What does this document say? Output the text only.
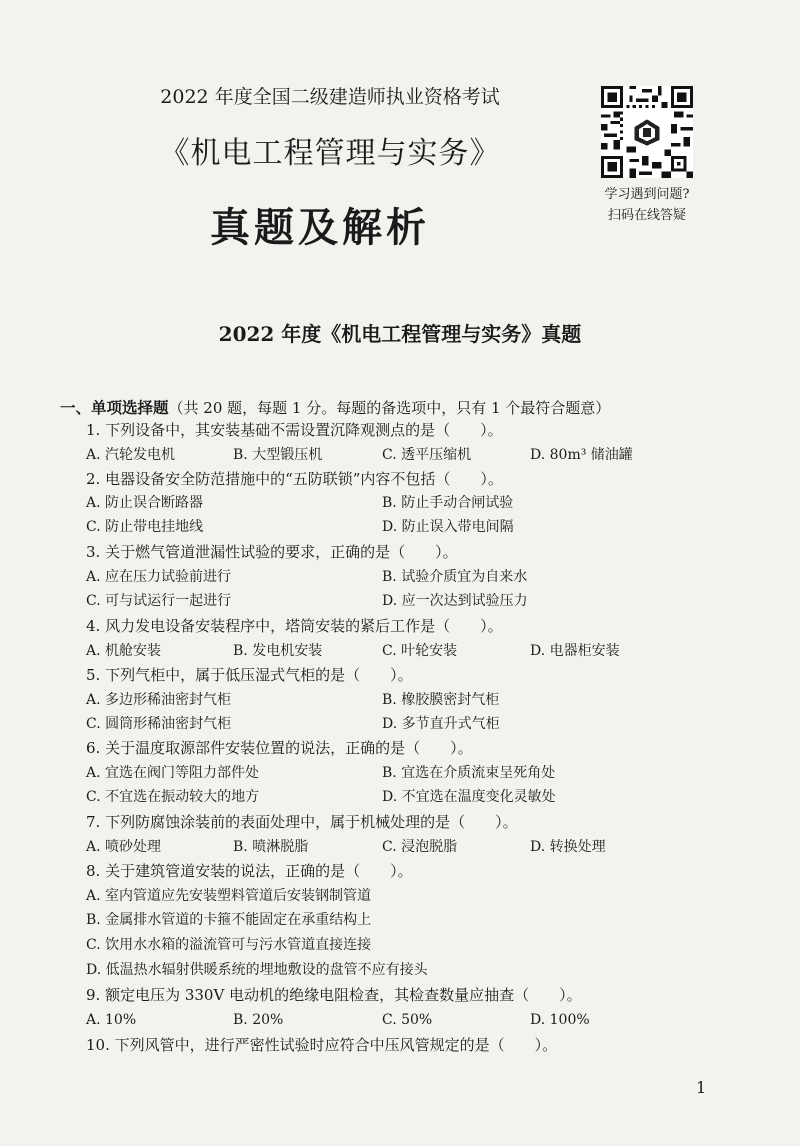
2022 年度全国二级建造师执业资格考试
《机电工程管理与实务》
真题及解析
学习遇到问题?
扫码在线答疑
2022 年度《机电工程管理与实务》真题
一、单项选择题（共 20 题，每题 1 分。每题的备选项中，只有 1 个最符合题意）
1. 下列设备中，其安装基础不需设置沉降观测点的是（　　）。
A. 汽轮发电机	B. 大型锻压机	C. 透平压缩机	D. 80m³ 储油罐
2. 电器设备安全防范措施中的“五防联锁”内容不包括（　　）。
A. 防止误合断路器	B. 防止手动合闸试验
C. 防止带电挂地线	D. 防止误入带电间隔
3. 关于燃气管道泄漏性试验的要求，正确的是（　　）。
A. 应在压力试验前进行	B. 试验介质宜为自来水
C. 可与试运行一起进行	D. 应一次达到试验压力
4. 风力发电设备安装程序中，塔筒安装的紧后工作是（　　）。
A. 机舱安装	B. 发电机安装	C. 叶轮安装	D. 电器柜安装
5. 下列气柜中，属于低压湿式气柜的是（　　）。
A. 多边形稀油密封气柜	B. 橡胶膜密封气柜
C. 圆筒形稀油密封气柜	D. 多节直升式气柜
6. 关于温度取源部件安装位置的说法，正确的是（　　）。
A. 宜选在阀门等阻力部件处	B. 宜选在介质流束呈死角处
C. 不宜选在振动较大的地方	D. 不宜选在温度变化灵敏处
7. 下列防腐蚀涂装前的表面处理中，属于机械处理的是（　　）。
A. 喷砂处理	B. 喷淋脱脂	C. 浸泡脱脂	D. 转换处理
8. 关于建筑管道安装的说法，正确的是（　　）。
A. 室内管道应先安装塑料管道后安装钢制管道
B. 金属排水管道的卡箍不能固定在承重结构上
C. 饮用水水箱的溢流管可与污水管道直接连接
D. 低温热水辐射供暖系统的埋地敷设的盘管不应有接头
9. 额定电压为 330V 电动机的绝缘电阻检查，其检查数量应抽查（　　）。
A. 10%	B. 20%	C. 50%	D. 100%
10. 下列风管中，进行严密性试验时应符合中压风管规定的是（　　）。
1
